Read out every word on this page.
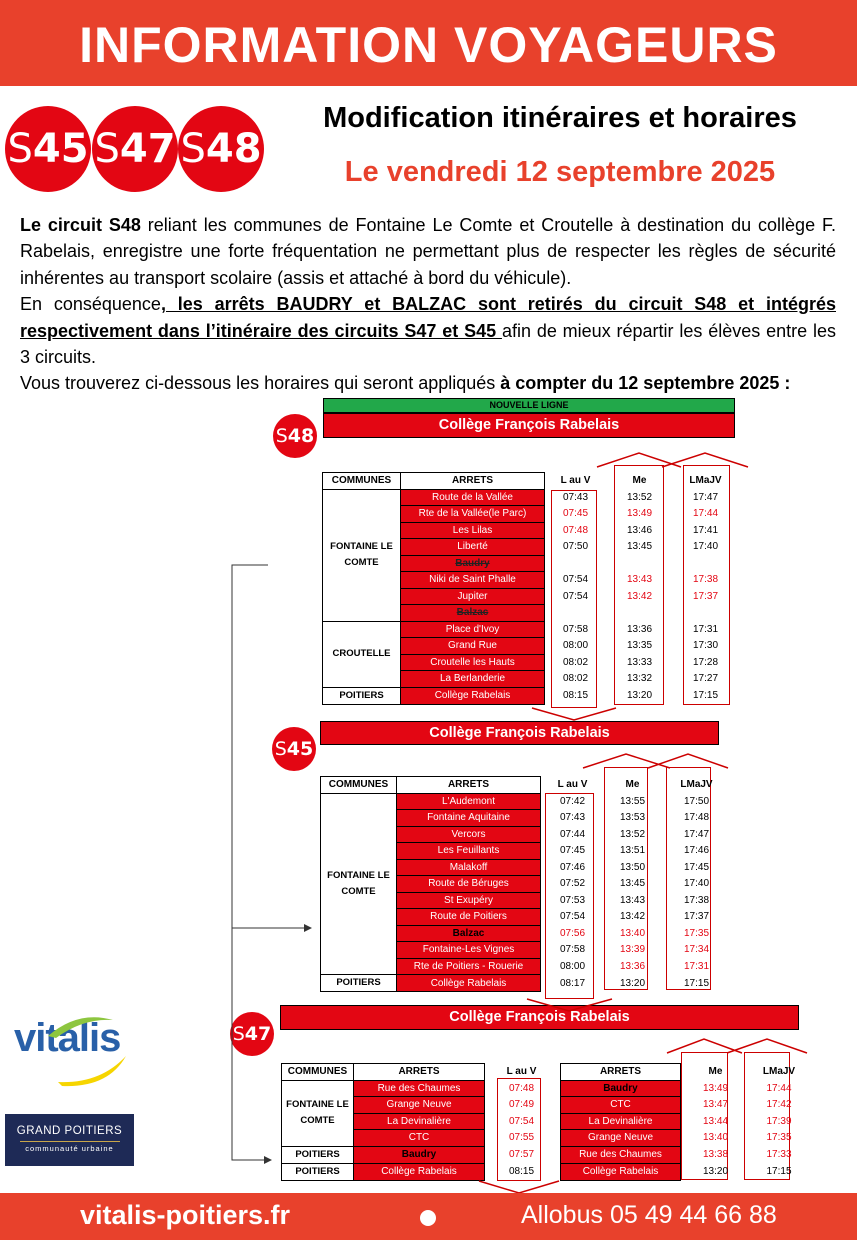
INFORMATION VOYAGEURS
S45 S47 S48
Modification itinéraires et horaires
Le vendredi 12 septembre 2025

Le circuit S48 reliant les communes de Fontaine Le Comte et Croutelle à destination du collège F. Rabelais, enregistre une forte fréquentation ne permettant plus de respecter les règles de sécurité inhérentes au transport scolaire (assis et attaché à bord du véhicule).

En conséquence, les arrêts BAUDRY et BALZAC sont retirés du circuit S48 et intégrés respectivement dans l’itinéraire des circuits S47 et S45 afin de mieux répartir les élèves entre les 3 circuits.

Vous trouverez ci-dessous les horaires qui seront appliqués à compter du 12 septembre 2025 :

S48
NOUVELLE LIGNE
Collège François Rabelais
COMMUNES	ARRETS		L au V		Me		LMaJV
FONTAINE LE COMTE	Route de la Vallée		07:43		13:52		17:47
	Rte de la Vallée(le Parc)		07:45		13:49		17:44
	Les Lilas		07:48		13:46		17:41
	Liberté		07:50		13:45		17:40
	Baudry						
	Niki de Saint Phalle		07:54		13:43		17:38
	Jupiter		07:54		13:42		17:37
	Balzac						
CROUTELLE	Place d'Ivoy		07:58		13:36		17:31
	Grand Rue		08:00		13:35		17:30
	Croutelle les Hauts		08:02		13:33		17:28
	La Berlanderie		08:02		13:32		17:27
POITIERS	Collège Rabelais		08:15		13:20		17:15
Collège François Rabelais
S45
COMMUNES	ARRETS		L au V		Me		LMaJV
FONTAINE LE COMTE	L'Audemont		07:42		13:55		17:50
	Fontaine Aquitaine		07:43		13:53		17:48
	Vercors		07:44		13:52		17:47
	Les Feuillants		07:45		13:51		17:46
	Malakoff		07:46		13:50		17:45
	Route de Béruges		07:52		13:45		17:40
	St Exupéry		07:53		13:43		17:38
	Route de Poitiers		07:54		13:42		17:37
	Balzac		07:56		13:40		17:35
	Fontaine-Les Vignes		07:58		13:39		17:34
	Rte de Poitiers - Rouerie		08:00		13:36		17:31
POITIERS	Collège Rabelais		08:17		13:20		17:15
S47
Collège François Rabelais
COMMUNES	ARRETS		L au V		ARRETS		Me		LMaJV
FONTAINE LE COMTE	Rue des Chaumes		07:48		Baudry		13:49		17:44
	Grange Neuve		07:49		CTC		13:47		17:42
	La Devinalière		07:54		La Devinalière		13:44		17:39
	CTC		07:55		Grange Neuve		13:40		17:35
POITIERS	Baudry		07:57		Rue des Chaumes		13:38		17:33
POITIERS	Collège Rabelais		08:15		Collège Rabelais		13:20		17:15
vitalis
GRAND POITIERS
communauté urbaine
vitalis-poitiers.fr	Allobus 05 49 44 66 88
